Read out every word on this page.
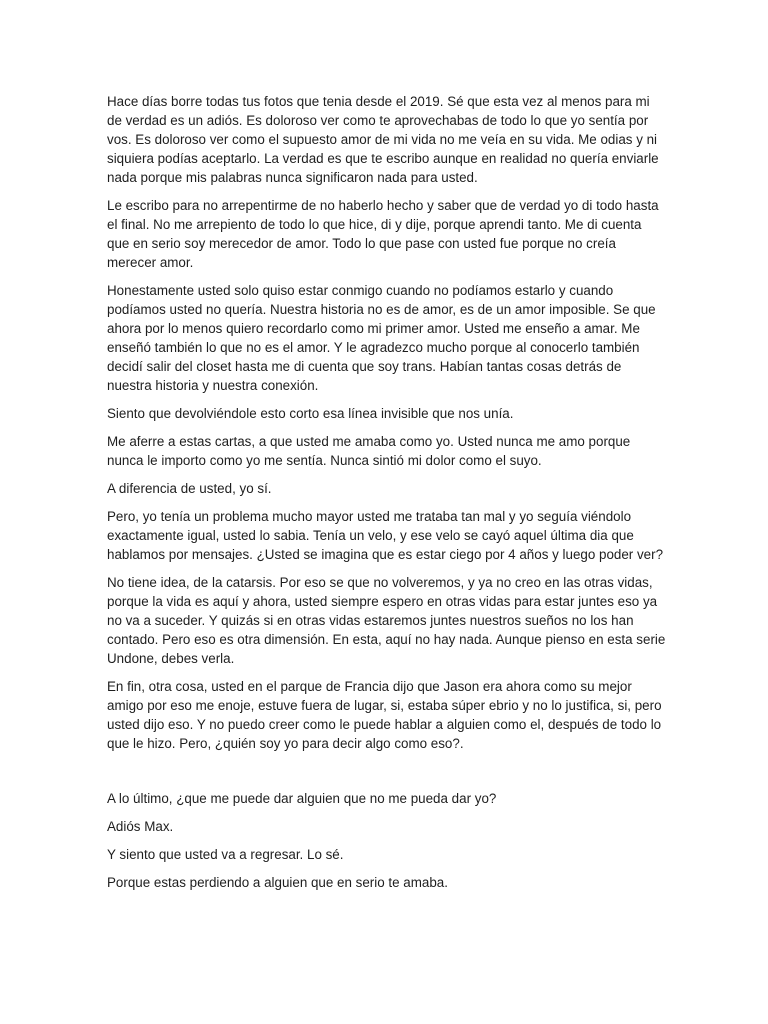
Hace días borre todas tus fotos que tenia desde el 2019. Sé que esta vez al menos para mi de verdad es un adiós. Es doloroso ver como te aprovechabas de todo lo que yo sentía por vos. Es doloroso ver como el supuesto amor de mi vida no me veía en su vida. Me odias y ni siquiera podías aceptarlo. La verdad es que te escribo aunque en realidad no quería enviarle nada porque mis palabras nunca significaron nada para usted.

Le escribo para no arrepentirme de no haberlo hecho y saber que de verdad yo di todo hasta el final. No me arrepiento de todo lo que hice, di y dije, porque aprendi tanto. Me di cuenta que en serio soy merecedor de amor. Todo lo que pase con usted fue porque no creía merecer amor.

Honestamente usted solo quiso estar conmigo cuando no podíamos estarlo y cuando podíamos usted no quería. Nuestra historia no es de amor, es de un amor imposible. Se que ahora por lo menos quiero recordarlo como mi primer amor. Usted me enseño a amar. Me enseñó también lo que no es el amor. Y le agradezco mucho porque al conocerlo también decidí salir del closet hasta me di cuenta que soy trans. Habían tantas cosas detrás de nuestra historia y nuestra conexión.

Siento que devolviéndole esto corto esa línea invisible que nos unía.

Me aferre a estas cartas, a que usted me amaba como yo. Usted nunca me amo porque nunca le importo como yo me sentía. Nunca sintió mi dolor como el suyo.

A diferencia de usted, yo sí.

Pero, yo tenía un problema mucho mayor usted me trataba tan mal y yo seguía viéndolo exactamente igual, usted lo sabia. Tenía un velo, y ese velo se cayó aquel última dia que hablamos por mensajes. ¿Usted se imagina que es estar ciego por 4 años y luego poder ver?

No tiene idea, de la catarsis. Por eso se que no volveremos, y ya no creo en las otras vidas, porque la vida es aquí y ahora, usted siempre espero en otras vidas para estar juntes eso ya no va a suceder. Y quizás si en otras vidas estaremos juntes nuestros sueños no los han contado. Pero eso es otra dimensión. En esta, aquí no hay nada. Aunque pienso en esta serie Undone, debes verla.

En fin, otra cosa, usted en el parque de Francia dijo que Jason era ahora como su mejor amigo por eso me enoje, estuve fuera de lugar, si, estaba súper ebrio y no lo justifica, si, pero usted dijo eso. Y no puedo creer como le puede hablar a alguien como el, después de todo lo que le hizo. Pero, ¿quién soy yo para decir algo como eso?.

A lo último, ¿que me puede dar alguien que no me pueda dar yo?

Adiós Max.

Y siento que usted va a regresar. Lo sé.

Porque estas perdiendo a alguien que en serio te amaba.
